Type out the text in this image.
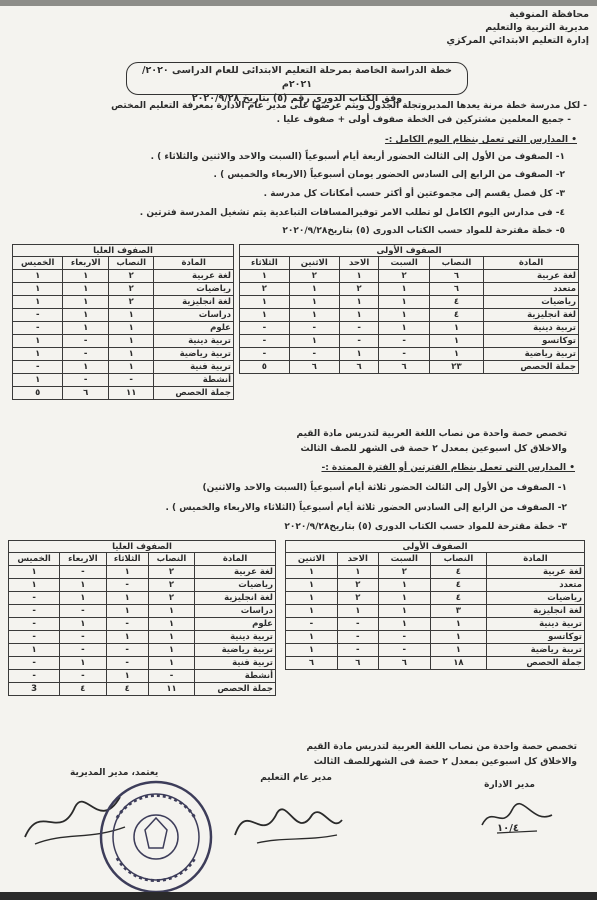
محافظة المنوفية
مديرية التربية والتعليم
إدارة التعليم الابتدائي المركزي
خطة الدراسة الخاصة بمرحلة التعليم الابتدائى للعام الدراسى ٢٠٢٠/ ٢٠٢١م
وفق الكتاب الدورى رقم (٥) بتاريخ ٢٠٢٠/٩/٢٨
- لكل مدرسة خطة مرنة يعدها المديروتجلة الجدول ويتم عرضها على مدير عام الادارة بمعرفة التعليم المختص
- جميع المعلمين مشتركين فى الخطة صفوف أولى + صفوف عليا .
• المدارس التى تعمل بنظام اليوم الكامل :-
١- الصفوف من الأول إلى الثالث الحضور أربعة أيام أسبوعياً (السبت والاحد والاثنين والثلاثاء ) .
٢- الصفوف من الرابع إلى السادس الحضور يومان أسبوعياً (الاربعاء والخميس ) .
٣- كل فصل يقسم إلى مجموعتين أو أكثر حسب أمكانات كل مدرسة .
٤- فى مدارس اليوم الكامل لو تطلب الامر توفيرالمسافات التباعدية يتم تشغيل المدرسة فترتين .
٥- خطة مقترحة للمواد حسب الكتاب الدورى (٥) بتاريخ٢٠٢٠/٩/٢٨
الصفوف الأولى					
المادة	النصاب	السبت	الاحد	الاثنين	الثلاثاء
لغة عربية	٦	٢	١	٢	١
متعدد	٦	١	٢	١	٢
رياضيات	٤	١	١	١	١
لغة انجليزية	٤	١	١	١	١
تربية دينية	١	١	-	-	-
توكاتسو	١	-	-	١	-
تربية رياضية	١	-	١	-	-
جملة الحصص	٢٣	٦	٦	٦	٥
الصفوف العليا			
المادة	النصاب	الاربعاء	الخميس
لغة عربية	٢	١	١
رياضيات	٢	١	١
لغة انجليزية	٢	١	١
دراسات	١	١	-
علوم	١	١	-
تربية دينية	١	-	١
تربية رياضية	١	-	١
تربية فنية	١	١	-
أنشطة	-	-	١
جملة الحصص	١١	٦	٥
تخصص حصة واحدة من نصاب اللغة العربية لتدريس مادة القيم
والاخلاق كل اسبوعين بمعدل ٢ حصة فى الشهر للصف الثالث
• المدارس التى تعمل بنظام الفترتين أو الفترة الممتدة :-
١- الصفوف من الأول إلى الثالث الحضور ثلاثة أيام أسبوعياً (السبت والاحد والاثنين)
٢- الصفوف من الرابع إلى السادس الحضور ثلاثة أيام أسبوعياً (الثلاثاء والاربعاء والخميس ) .
٣- خطة مقترحة للمواد حسب الكتاب الدورى (٥) بتاريخ٢٠٢٠/٩/٢٨
الصفوف الأولى				
المادة	النصاب	السبت	الاحد	الاثنين
لغة عربية	٤	٢	١	١
متعدد	٤	١	٢	١
رياضيات	٤	١	٢	١
لغة انجليزية	٣	١	١	١
تربية دينية	١	١	-	-
توكاتسو	١	-	-	١
تربية رياضية	١	-	-	١
جملة الحصص	١٨	٦	٦	٦
الصفوف العليا				
المادة	النصاب	الثلاثاء	الاربعاء	الخميس
لغة عربية	٢	١	-	١
رياضيات	٢	-	١	١
لغة انجليزية	٢	١	١	-
دراسات	١	١	-	-
علوم	١	-	١	-
تربية دينية	١	١	-	-
تربية رياضية	١	-	-	١
تربية فنية	١	-	١	-
أنشطة	-	١	-	-
جملة الحصص	١١	٤	٤	3
تخصص حصة واحدة من نصاب اللغة العربية لتدريس مادة القيم
والاخلاق كل اسبوعين بمعدل ٢ حصة فى الشهرللصف الثالث
مدير الادارة
مدير عام التعليم
يعتمد، مدير المديرية
١٠/٤
